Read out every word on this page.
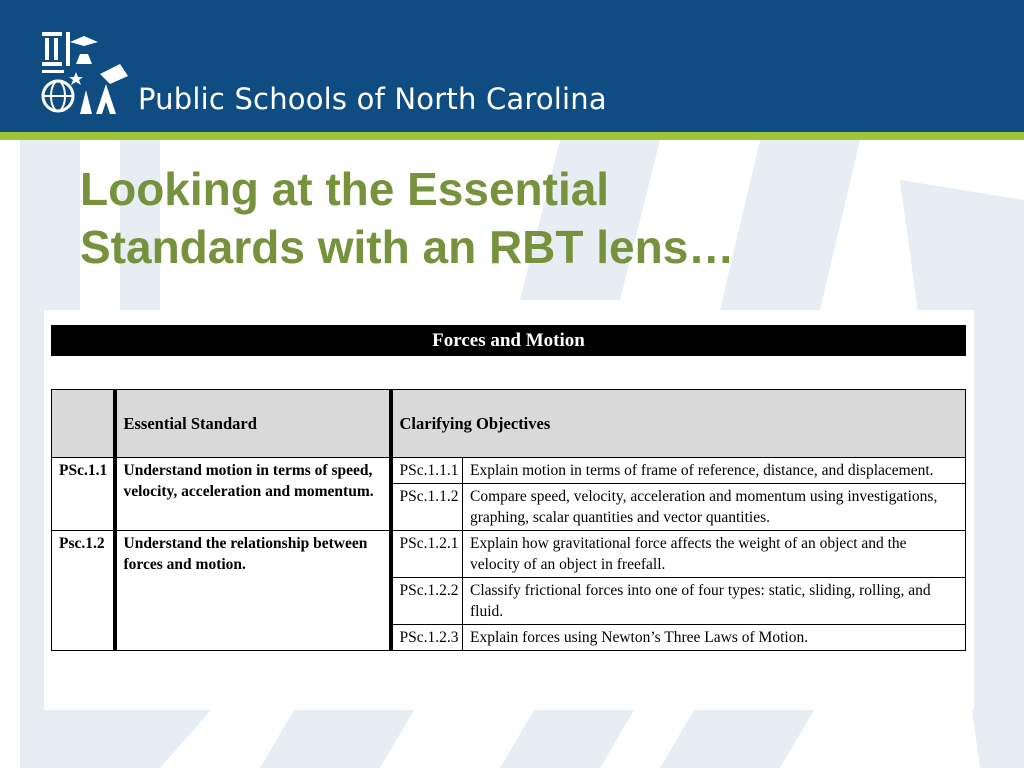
Public Schools of North Carolina
Looking at the Essential
Standards with an RBT lens…
Forces and Motion
	Essential Standard	Clarifying Objectives	
PSc.1.1	Understand motion in terms of speed, velocity, acceleration and momentum.	PSc.1.1.1	Explain motion in terms of frame of reference, distance, and displacement.
		PSc.1.1.2	Compare speed, velocity, acceleration and momentum using investigations, graphing, scalar quantities and vector quantities.
Psc.1.2	Understand the relationship between forces and motion.	PSc.1.2.1	Explain how gravitational force affects the weight of an object and the velocity of an object in freefall.
		PSc.1.2.2	Classify frictional forces into one of four types: static, sliding, rolling, and fluid.
		PSc.1.2.3	Explain forces using Newton’s Three Laws of Motion.
